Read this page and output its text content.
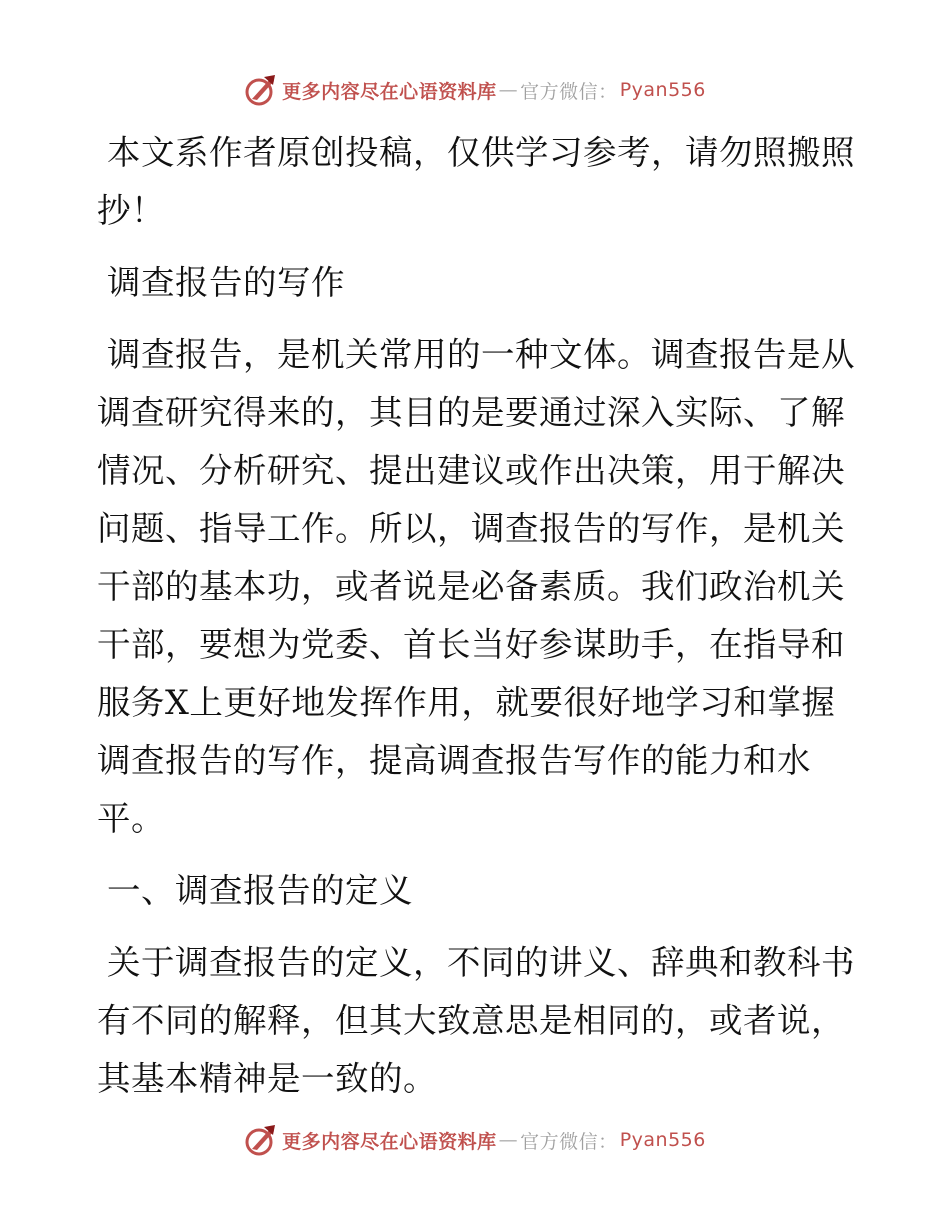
更多内容尽在心语资料库 — 官方微信： Pyan556

本文系作者原创投稿，仅供学习参考，请勿照搬照抄！

调查报告的写作

调查报告，是机关常用的一种文体。调查报告是从调查研究得来的，其目的是要通过深入实际、了解情况、分析研究、提出建议或作出决策，用于解决问题、指导工作。所以，调查报告的写作，是机关干部的基本功，或者说是必备素质。我们政治机关干部，要想为党委、首长当好参谋助手，在指导和服务X上更好地发挥作用，就要很好地学习和掌握调查报告的写作，提高调查报告写作的能力和水平。

一、调查报告的定义

关于调查报告的定义，不同的讲义、辞典和教科书有不同的解释，但其大致意思是相同的，或者说，其基本精神是一致的。

更多内容尽在心语资料库 — 官方微信： Pyan556
